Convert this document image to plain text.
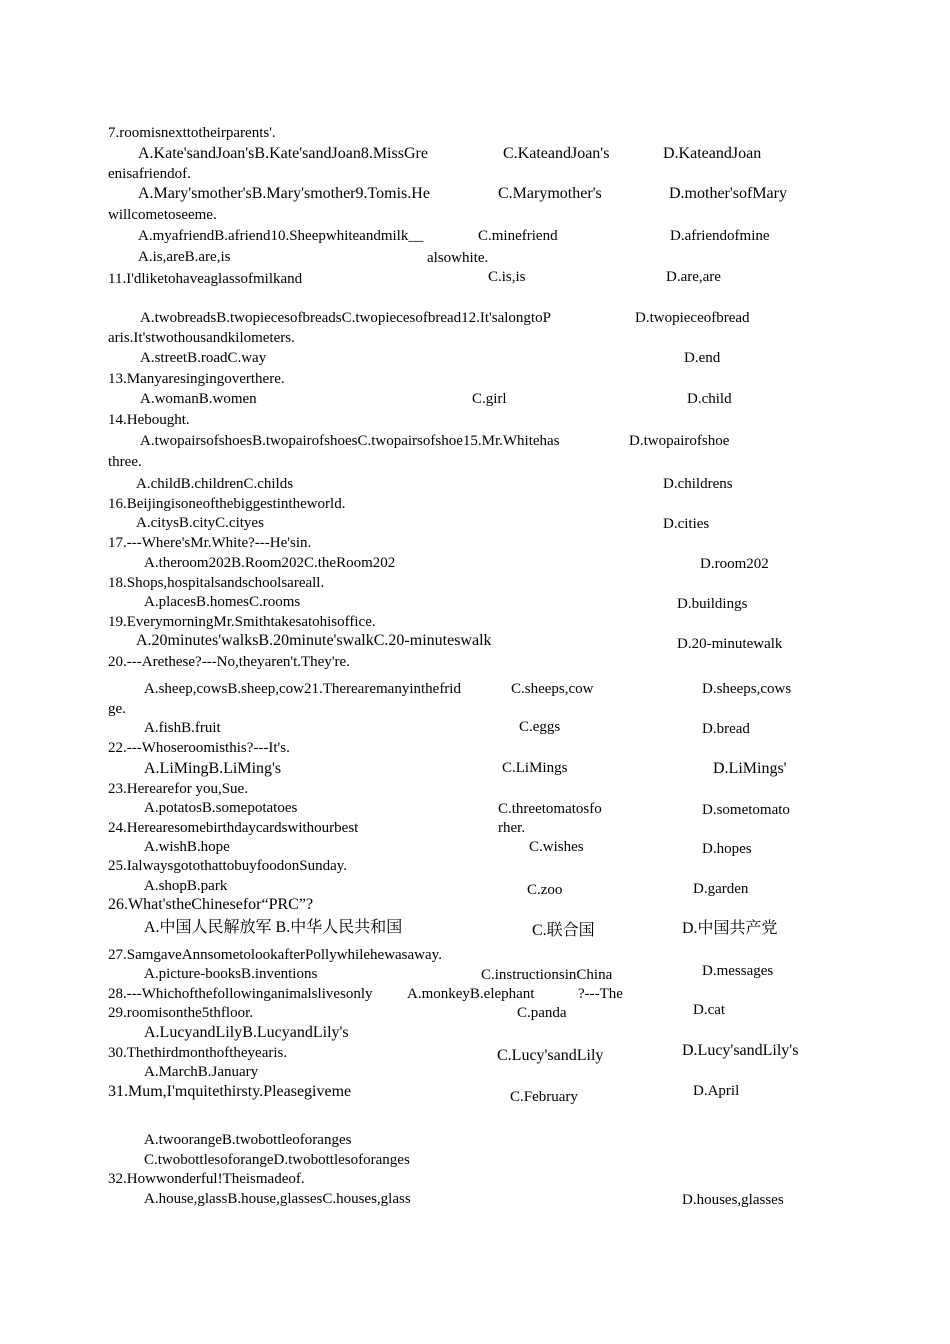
7.roomisnexttotheirparents'.
A.Kate'sandJoan'sB.Kate'sandJoan8.MissGre	C.KateandJoan's	D.KateandJoan
enisafriendof.
A.Mary'smother'sB.Mary'smother9.Tomis.He	C.Marymother's	D.mother'sofMary
willcometoseeme.
A.myafriendB.afriend10.Sheepwhiteandmilk__	C.minefriend	D.afriendofmine
A.is,areB.are,is	alsowhite.
11.I'dliketohaveaglassofmilkand	C.is,is	D.are,are
A.twobreadsB.twopiecesofbreadsC.twopiecesofbread12.It'salongtoP	D.twopieceofbread
aris.It'stwothousandkilometers.
A.streetB.roadC.way	D.end
13.Manyaresingingoverthere.
A.womanB.women	C.girl	D.child
14.Hebought.
A.twopairsofshoesB.twopairofshoesC.twopairsofshoe15.Mr.Whitehas	D.twopairofshoe
three.
A.childB.childrenC.childs	D.childrens
16.Beijingisoneofthebiggestintheworld.
A.citysB.cityC.cityes	D.cities
17.---Where'sMr.White?---He'sin.
A.theroom202B.Room202C.theRoom202	D.room202
18.Shops,hospitalsandschoolsareall.
A.placesB.homesC.rooms	D.buildings
19.EverymorningMr.Smithtakesatohisoffice.
A.20minutes'walksB.20minute'swalkC.20-minuteswalk	D.20-minutewalk
20.---Arethese?---No,theyaren't.They're.
A.sheep,cowsB.sheep,cow21.Therearemanyinthefrid	C.sheeps,cow	D.sheeps,cows
ge.
A.fishB.fruit	C.eggs	D.bread
22.---Whoseroomisthis?---It's.
A.LiMingB.LiMing's	C.LiMings	D.LiMings'
23.Herearefor you,Sue.
A.potatosB.somepotatoes	C.threetomatosfo	D.sometomato
24.Herearesomebirthdaycardswithourbest	rher.
A.wishB.hope	C.wishes	D.hopes
25.IalwaysgotothattobuyfoodonSunday.
A.shopB.park	C.zoo	D.garden
26.What'stheChinesefor“PRC”?
A.中国人民解放军 B.中华人民共和国	C.联合国	D.中国共产党
27.SamgaveAnnsometolookafterPollywhilehewasaway.
A.picture-booksB.inventions	C.instructionsinChina	D.messages
28.---Whichofthefollowinganimalslivesonly A.monkeyB.elephant	?---The
D.cat
29.roomisonthe5thfloor.	C.panda
A.LucyandLilyB.LucyandLily's
30.Thethirdmonthoftheyearis.	C.Lucy'sandLily	D.Lucy'sandLily's
A.MarchB.January
31.Mum,I'mquitethirsty.Pleasegiveme	C.February	D.April
A.twoorangeB.twobottleoforanges
C.twobottlesoforangeD.twobottlesoforanges
32.Howwonderful!Theismadeof.
A.house,glassB.house,glassesC.houses,glass	D.houses,glasses
